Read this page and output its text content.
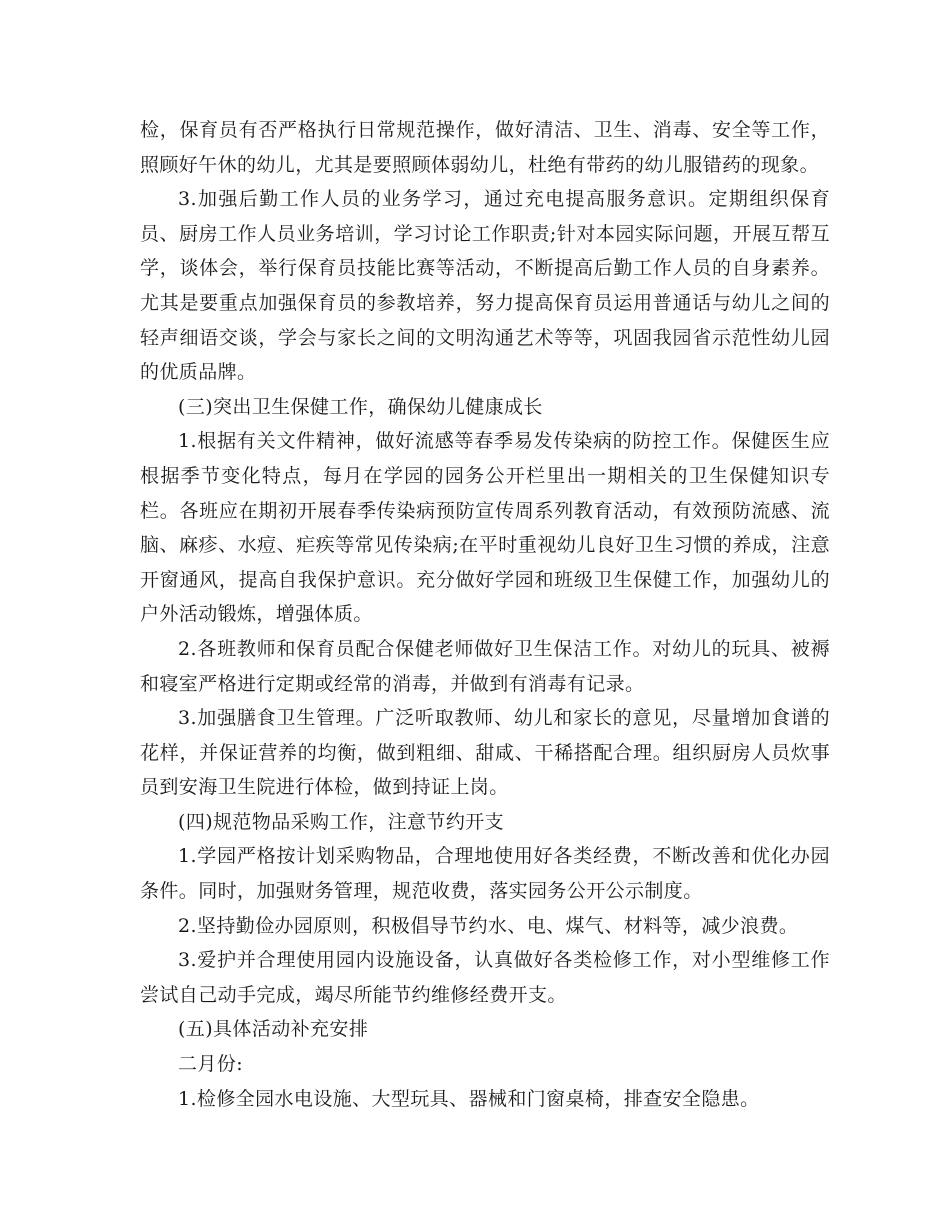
检，保育员有否严格执行日常规范操作，做好清洁、卫生、消毒、安全等工作，照顾好午休的幼儿，尤其是要照顾体弱幼儿，杜绝有带药的幼儿服错药的现象。

3.加强后勤工作人员的业务学习，通过充电提高服务意识。定期组织保育员、厨房工作人员业务培训，学习讨论工作职责;针对本园实际问题，开展互帮互学，谈体会，举行保育员技能比赛等活动，不断提高后勤工作人员的自身素养。尤其是要重点加强保育员的参教培养，努力提高保育员运用普通话与幼儿之间的轻声细语交谈，学会与家长之间的文明沟通艺术等等，巩固我园省示范性幼儿园的优质品牌。

(三)突出卫生保健工作，确保幼儿健康成长

1.根据有关文件精神，做好流感等春季易发传染病的防控工作。保健医生应根据季节变化特点，每月在学园的园务公开栏里出一期相关的卫生保健知识专栏。各班应在期初开展春季传染病预防宣传周系列教育活动，有效预防流感、流脑、麻疹、水痘、疟疾等常见传染病;在平时重视幼儿良好卫生习惯的养成，注意开窗通风，提高自我保护意识。充分做好学园和班级卫生保健工作，加强幼儿的户外活动锻炼，增强体质。

2.各班教师和保育员配合保健老师做好卫生保洁工作。对幼儿的玩具、被褥和寝室严格进行定期或经常的消毒，并做到有消毒有记录。

3.加强膳食卫生管理。广泛听取教师、幼儿和家长的意见，尽量增加食谱的花样，并保证营养的均衡，做到粗细、甜咸、干稀搭配合理。组织厨房人员炊事员到安海卫生院进行体检，做到持证上岗。

(四)规范物品采购工作，注意节约开支

1.学园严格按计划采购物品，合理地使用好各类经费，不断改善和优化办园条件。同时，加强财务管理，规范收费，落实园务公开公示制度。

2.坚持勤俭办园原则，积极倡导节约水、电、煤气、材料等，减少浪费。

3.爱护并合理使用园内设施设备，认真做好各类检修工作，对小型维修工作尝试自己动手完成，竭尽所能节约维修经费开支。

(五)具体活动补充安排

二月份:

1.检修全园水电设施、大型玩具、器械和门窗桌椅，排查安全隐患。
